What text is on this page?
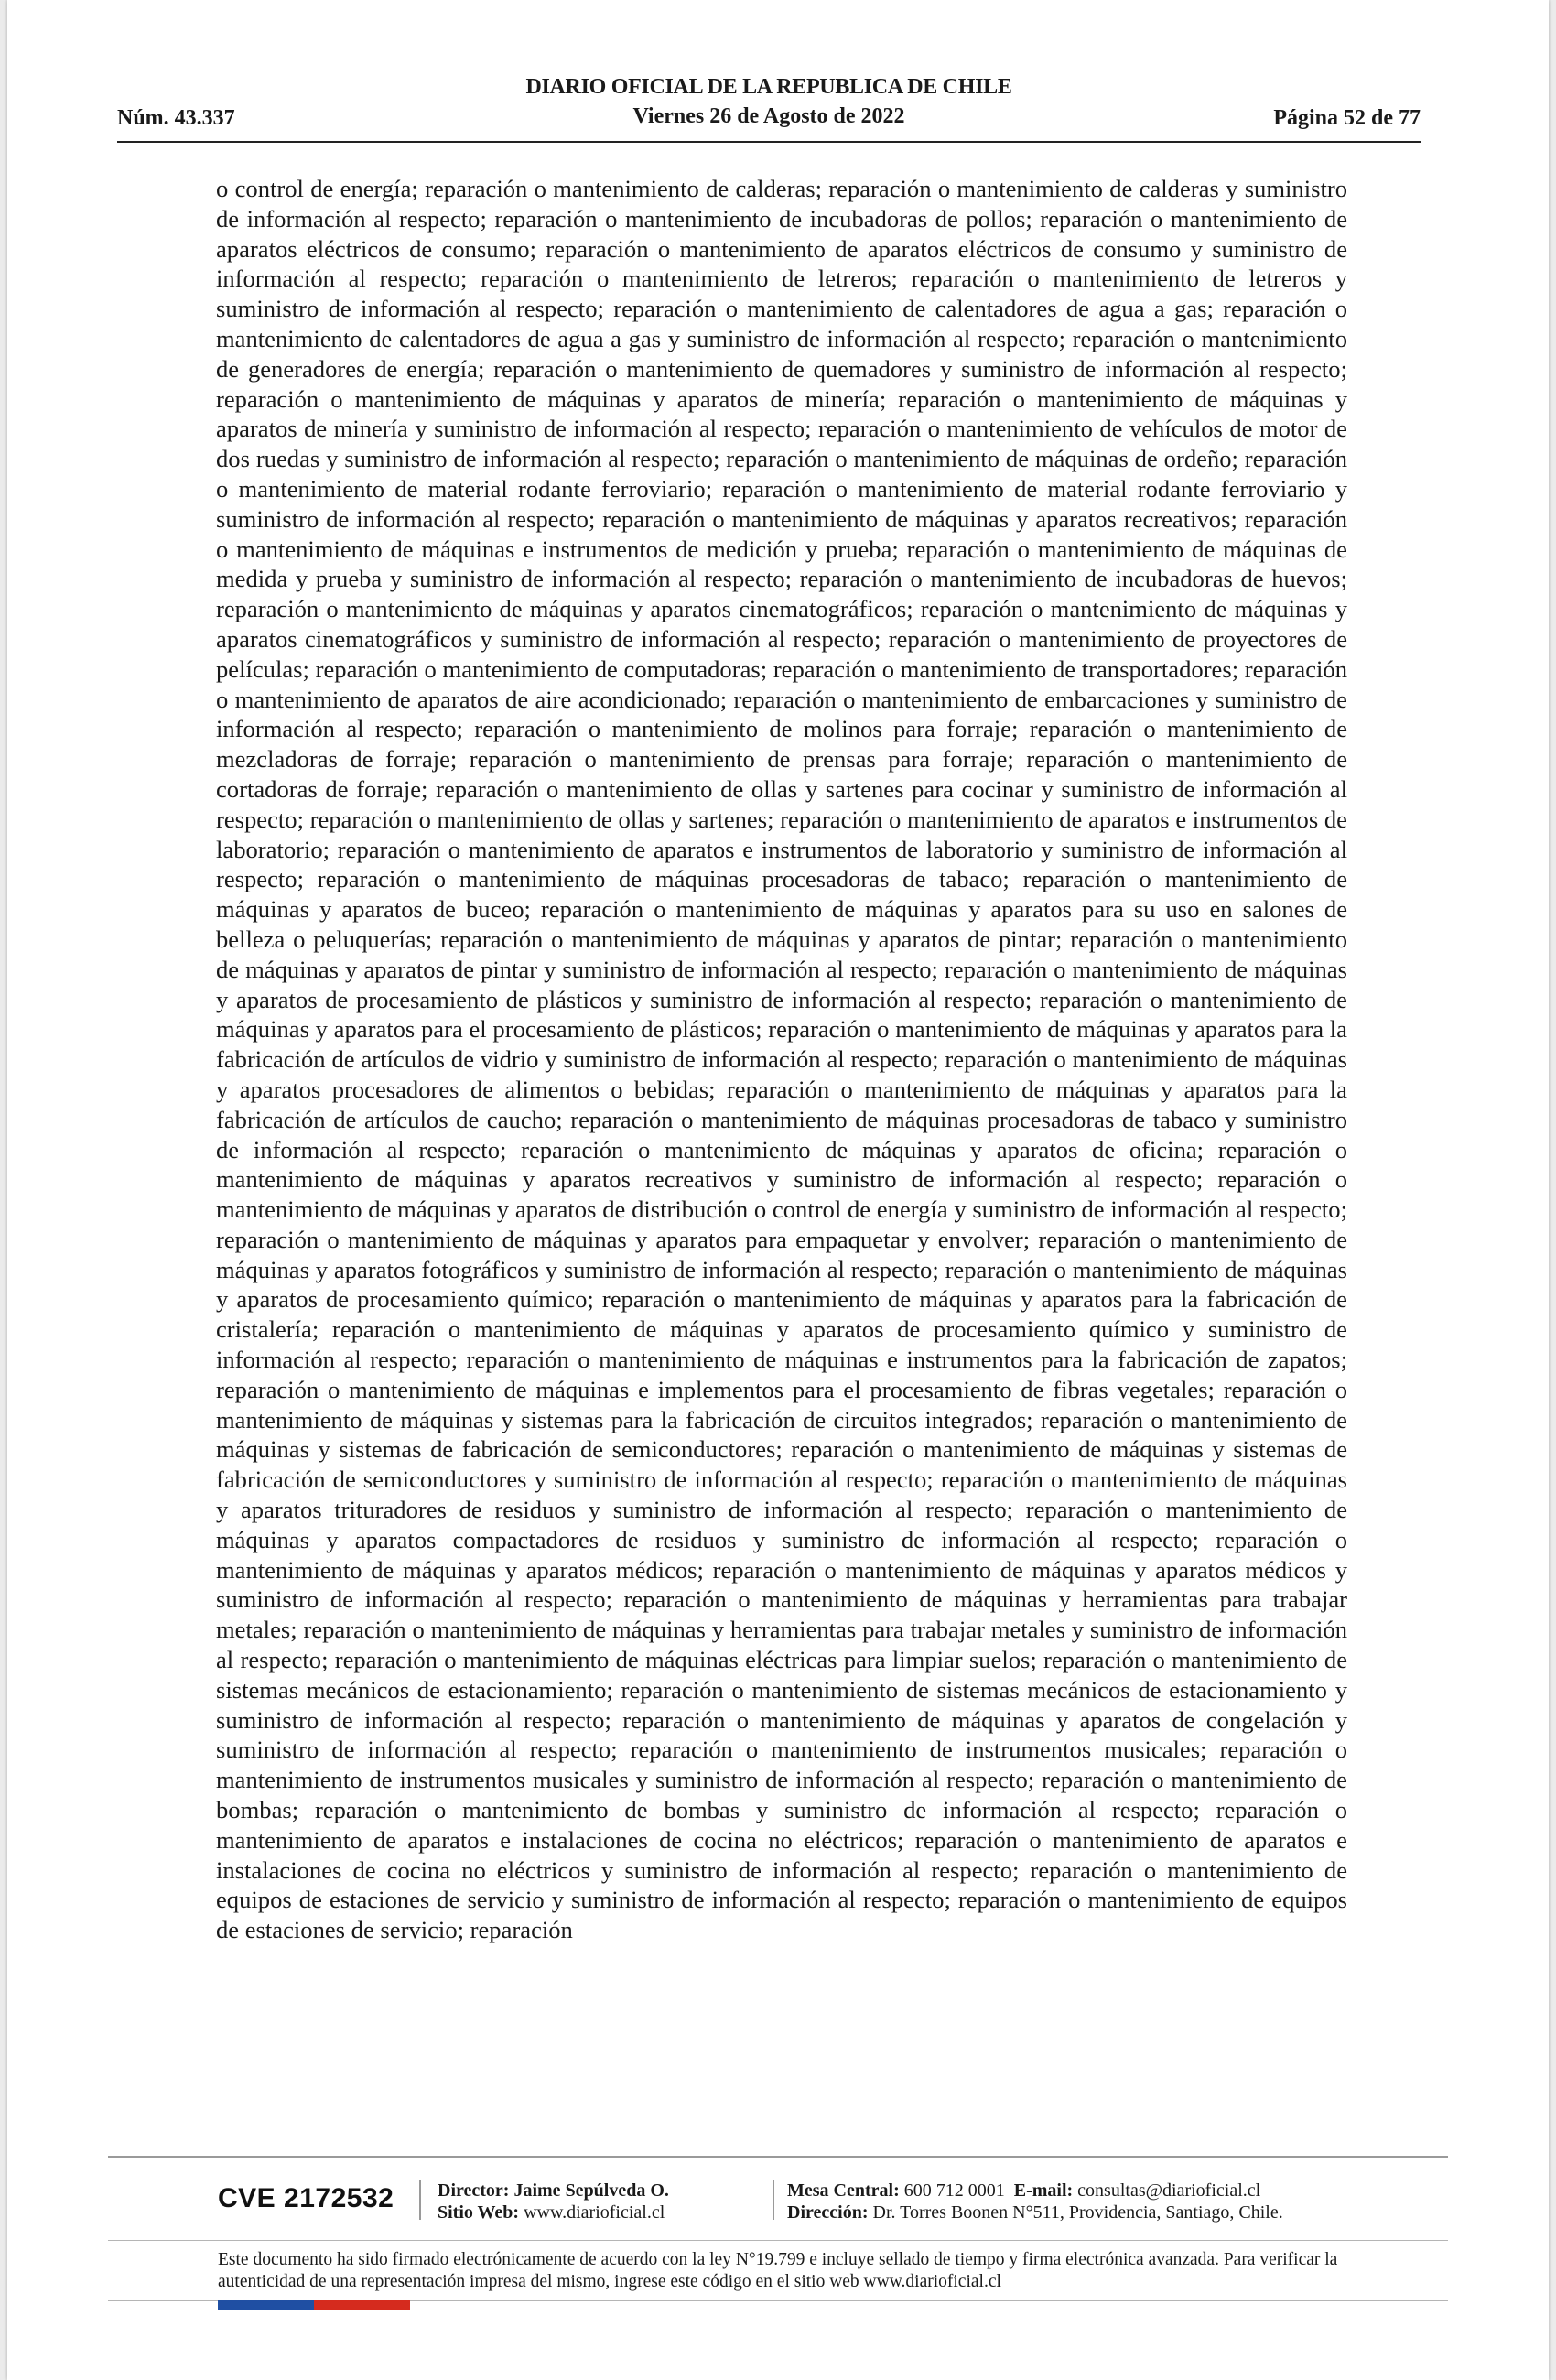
DIARIO OFICIAL DE LA REPUBLICA DE CHILE
Núm. 43.337	Viernes 26 de Agosto de 2022	Página 52 de 77

o control de energía; reparación o mantenimiento de calderas; reparación o mantenimiento de calderas y suministro de información al respecto; reparación o mantenimiento de incubadoras de pollos; reparación o mantenimiento de aparatos eléctricos de consumo; reparación o mantenimiento de aparatos eléctricos de consumo y suministro de información al respecto; reparación o mantenimiento de letreros; reparación o mantenimiento de letreros y suministro de información al respecto; reparación o mantenimiento de calentadores de agua a gas; reparación o mantenimiento de calentadores de agua a gas y suministro de información al respecto; reparación o mantenimiento de generadores de energía; reparación o mantenimiento de quemadores y suministro de información al respecto; reparación o mantenimiento de máquinas y aparatos de minería; reparación o mantenimiento de máquinas y aparatos de minería y suministro de información al respecto; reparación o mantenimiento de vehículos de motor de dos ruedas y suministro de información al respecto; reparación o mantenimiento de máquinas de ordeño; reparación o mantenimiento de material rodante ferroviario; reparación o mantenimiento de material rodante ferroviario y suministro de información al respecto; reparación o mantenimiento de máquinas y aparatos recreativos; reparación o mantenimiento de máquinas e instrumentos de medición y prueba; reparación o mantenimiento de máquinas de medida y prueba y suministro de información al respecto; reparación o mantenimiento de incubadoras de huevos; reparación o mantenimiento de máquinas y aparatos cinematográficos; reparación o mantenimiento de máquinas y aparatos cinematográficos y suministro de información al respecto; reparación o mantenimiento de proyectores de películas; reparación o mantenimiento de computadoras; reparación o mantenimiento de transportadores; reparación o mantenimiento de aparatos de aire acondicionado; reparación o mantenimiento de embarcaciones y suministro de información al respecto; reparación o mantenimiento de molinos para forraje; reparación o mantenimiento de mezcladoras de forraje; reparación o mantenimiento de prensas para forraje; reparación o mantenimiento de cortadoras de forraje; reparación o mantenimiento de ollas y sartenes para cocinar y suministro de información al respecto; reparación o mantenimiento de ollas y sartenes; reparación o mantenimiento de aparatos e instrumentos de laboratorio; reparación o mantenimiento de aparatos e instrumentos de laboratorio y suministro de información al respecto; reparación o mantenimiento de máquinas procesadoras de tabaco; reparación o mantenimiento de máquinas y aparatos de buceo; reparación o mantenimiento de máquinas y aparatos para su uso en salones de belleza o peluquerías; reparación o mantenimiento de máquinas y aparatos de pintar; reparación o mantenimiento de máquinas y aparatos de pintar y suministro de información al respecto; reparación o mantenimiento de máquinas y aparatos de procesamiento de plásticos y suministro de información al respecto; reparación o mantenimiento de máquinas y aparatos para el procesamiento de plásticos; reparación o mantenimiento de máquinas y aparatos para la fabricación de artículos de vidrio y suministro de información al respecto; reparación o mantenimiento de máquinas y aparatos procesadores de alimentos o bebidas; reparación o mantenimiento de máquinas y aparatos para la fabricación de artículos de caucho; reparación o mantenimiento de máquinas procesadoras de tabaco y suministro de información al respecto; reparación o mantenimiento de máquinas y aparatos de oficina; reparación o mantenimiento de máquinas y aparatos recreativos y suministro de información al respecto; reparación o mantenimiento de máquinas y aparatos de distribución o control de energía y suministro de información al respecto; reparación o mantenimiento de máquinas y aparatos para empaquetar y envolver; reparación o mantenimiento de máquinas y aparatos fotográficos y suministro de información al respecto; reparación o mantenimiento de máquinas y aparatos de procesamiento químico; reparación o mantenimiento de máquinas y aparatos para la fabricación de cristalería; reparación o mantenimiento de máquinas y aparatos de procesamiento químico y suministro de información al respecto; reparación o mantenimiento de máquinas e instrumentos para la fabricación de zapatos; reparación o mantenimiento de máquinas e implementos para el procesamiento de fibras vegetales; reparación o mantenimiento de máquinas y sistemas para la fabricación de circuitos integrados; reparación o mantenimiento de máquinas y sistemas de fabricación de semiconductores; reparación o mantenimiento de máquinas y sistemas de fabricación de semiconductores y suministro de información al respecto; reparación o mantenimiento de máquinas y aparatos trituradores de residuos y suministro de información al respecto; reparación o mantenimiento de máquinas y aparatos compactadores de residuos y suministro de información al respecto; reparación o mantenimiento de máquinas y aparatos médicos; reparación o mantenimiento de máquinas y aparatos médicos y suministro de información al respecto; reparación o mantenimiento de máquinas y herramientas para trabajar metales; reparación o mantenimiento de máquinas y herramientas para trabajar metales y suministro de información al respecto; reparación o mantenimiento de máquinas eléctricas para limpiar suelos; reparación o mantenimiento de sistemas mecánicos de estacionamiento; reparación o mantenimiento de sistemas mecánicos de estacionamiento y suministro de información al respecto; reparación o mantenimiento de máquinas y aparatos de congelación y suministro de información al respecto; reparación o mantenimiento de instrumentos musicales; reparación o mantenimiento de instrumentos musicales y suministro de información al respecto; reparación o mantenimiento de bombas; reparación o mantenimiento de bombas y suministro de información al respecto; reparación o mantenimiento de aparatos e instalaciones de cocina no eléctricos; reparación o mantenimiento de aparatos e instalaciones de cocina no eléctricos y suministro de información al respecto; reparación o mantenimiento de equipos de estaciones de servicio y suministro de información al respecto; reparación o mantenimiento de equipos de estaciones de servicio; reparación

CVE 2172532 Director: Jaime Sepúlveda O.
Sitio Web: www.diarioficial.cl
Mesa Central: 600 712 0001 E-mail: consultas@diarioficial.cl
Dirección: Dr. Torres Boonen N°511, Providencia, Santiago, Chile.
Este documento ha sido firmado electrónicamente de acuerdo con la ley N°19.799 e incluye sellado de tiempo y firma electrónica avanzada. Para verificar la autenticidad de una representación impresa del mismo, ingrese este código en el sitio web www.diarioficial.cl
